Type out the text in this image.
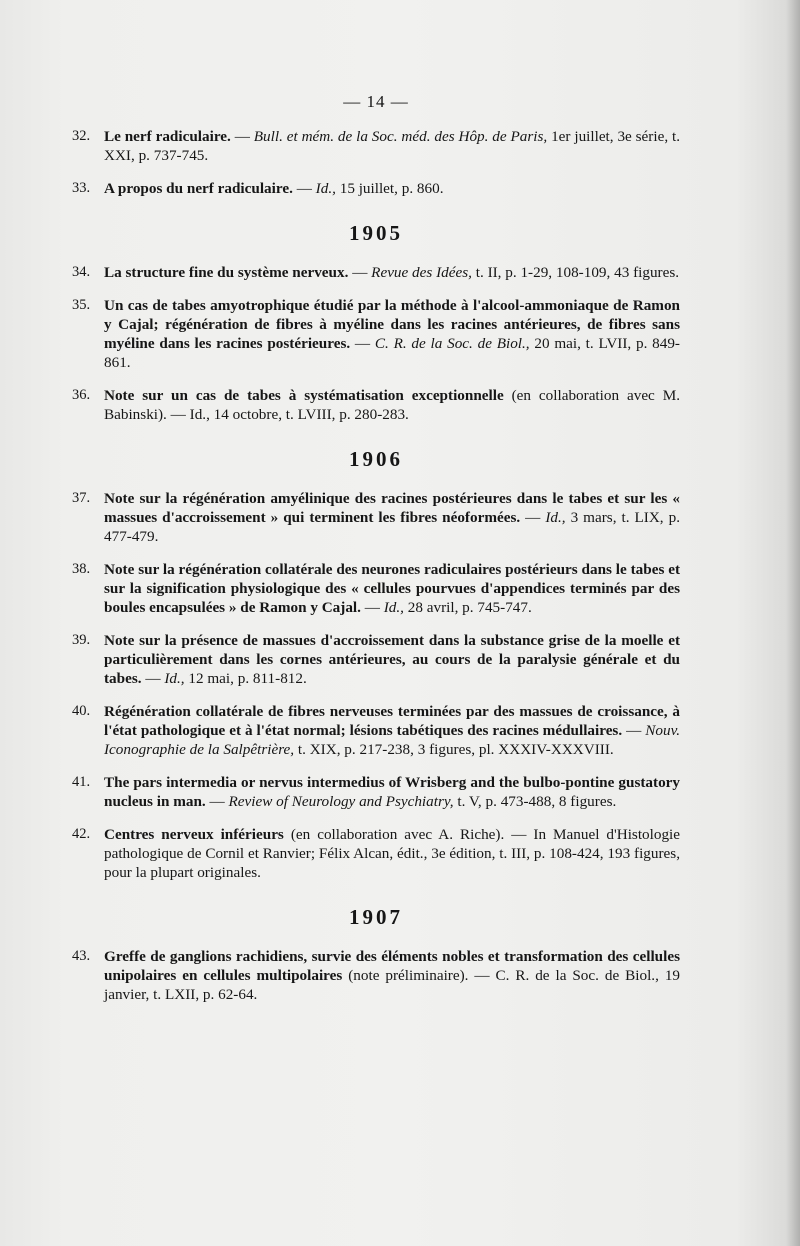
— 14 —
32. Le nerf radiculaire. — Bull. et mém. de la Soc. méd. des Hôp. de Paris, 1er juillet, 3e série, t. XXI, p. 737-745.
33. A propos du nerf radiculaire. — Id., 15 juillet, p. 860.
1905
34. La structure fine du système nerveux. — Revue des Idées, t. II, p. 1-29, 108-109, 43 figures.
35. Un cas de tabes amyotrophique étudié par la méthode à l'alcool-ammoniaque de Ramon y Cajal; régénération de fibres à myéline dans les racines antérieures, de fibres sans myéline dans les racines postérieures. — C. R. de la Soc. de Biol., 20 mai, t. LVII, p. 849-861.
36. Note sur un cas de tabes à systématisation exceptionnelle (en collaboration avec M. Babinski). — Id., 14 octobre, t. LVIII, p. 280-283.
1906
37. Note sur la régénération amyélinique des racines postérieures dans le tabes et sur les « massues d'accroissement » qui terminent les fibres néoformées. — Id., 3 mars, t. LIX, p. 477-479.
38. Note sur la régénération collatérale des neurones radiculaires postérieurs dans le tabes et sur la signification physiologique des « cellules pourvues d'appendices terminés par des boules encapsulées » de Ramon y Cajal. — Id., 28 avril, p. 745-747.
39. Note sur la présence de massues d'accroissement dans la substance grise de la moelle et particulièrement dans les cornes antérieures, au cours de la paralysie générale et du tabes. — Id., 12 mai, p. 811-812.
40. Régénération collatérale de fibres nerveuses terminées par des massues de croissance, à l'état pathologique et à l'état normal; lésions tabétiques des racines médullaires. — Nouv. Iconographie de la Salpêtrière, t. XIX, p. 217-238, 3 figures, pl. XXXIV-XXXVIII.
41. The pars intermedia or nervus intermedius of Wrisberg and the bulbo-pontine gustatory nucleus in man. — Review of Neurology and Psychiatry, t. V, p. 473-488, 8 figures.
42. Centres nerveux inférieurs (en collaboration avec A. Riche). — In Manuel d'Histologie pathologique de Cornil et Ranvier; Félix Alcan, édit., 3e édition, t. III, p. 108-424, 193 figures, pour la plupart originales.
1907
43. Greffe de ganglions rachidiens, survie des éléments nobles et transformation des cellules unipolaires en cellules multipolaires (note préliminaire). — C. R. de la Soc. de Biol., 19 janvier, t. LXII, p. 62-64.
